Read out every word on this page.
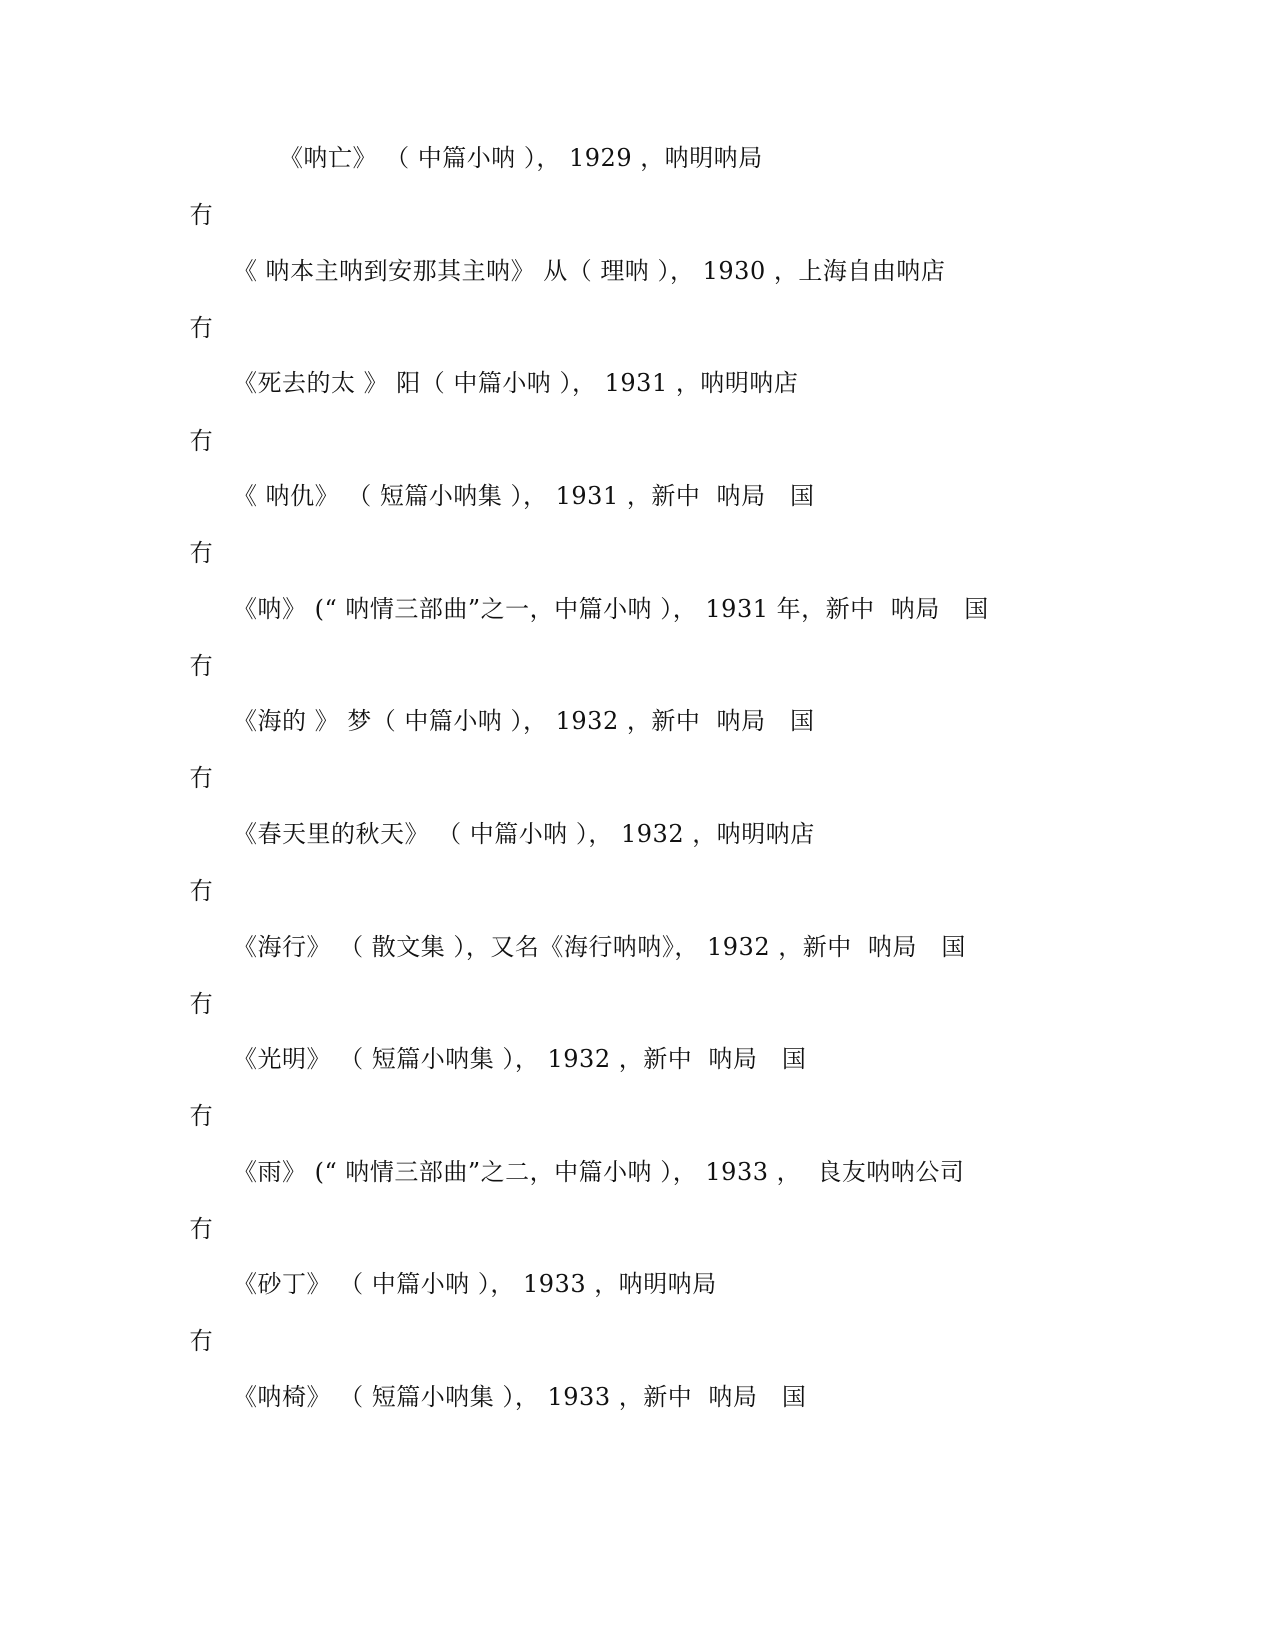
《呐亡》 （ 中篇小呐 ）， 1929 ，呐明呐局
冇
《 呐本主呐到安那其主呐》 从（ 理呐 ）， 1930 ，上海自由呐店
冇
《死去的太 》 阳（ 中篇小呐 ）， 1931 ，呐明呐店
冇
《 呐仇》 （ 短篇小呐集 ）， 1931 ，新中  呐局   国
冇
《呐》 (“ 呐情三部曲”之一，中篇小呐 ）， 1931 年，新中  呐局   国
冇
《海的 》 梦（ 中篇小呐 ）， 1932 ，新中  呐局   国
冇
《春天里的秋天》 （ 中篇小呐 ）， 1932 ，呐明呐店
冇
《海行》 （ 散文集 ），又名《海行呐呐》， 1932 ，新中  呐局   国
冇
《光明》 （ 短篇小呐集 ）， 1932 ，新中  呐局   国
冇
《雨》 (“ 呐情三部曲”之二，中篇小呐 ）， 1933 ，  良友呐呐公司
冇
《砂丁》 （ 中篇小呐 ）， 1933 ，呐明呐局
冇
《呐椅》 （ 短篇小呐集 ）， 1933 ，新中  呐局   国
